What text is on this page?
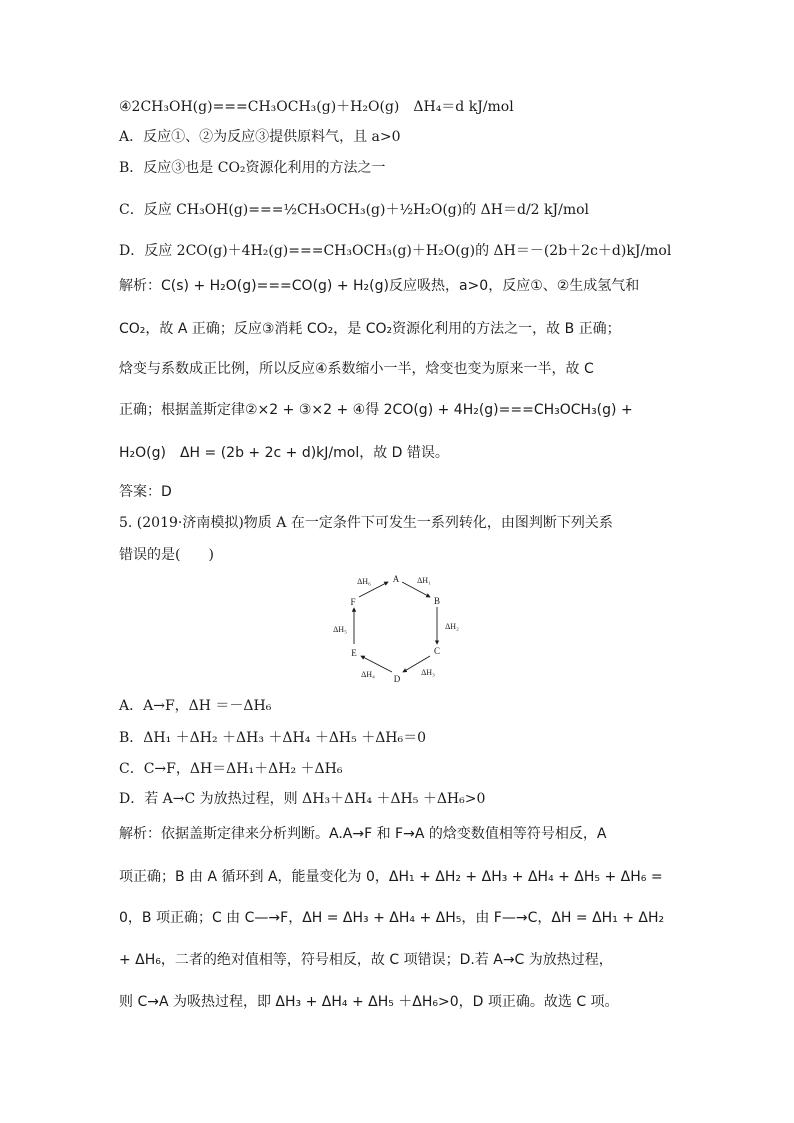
④2CH₃OH(g)===CH₃OCH₃(g)＋H₂O(g)　ΔH₄＝d kJ/mol
A．反应①、②为反应③提供原料气，且 a>0
B．反应③也是 CO₂资源化利用的方法之一
C．反应 CH₃OH(g)===½CH₃OCH₃(g)＋½H₂O(g)的 ΔH＝d/2 kJ/mol
D．反应 2CO(g)＋4H₂(g)===CH₃OCH₃(g)＋H₂O(g)的 ΔH＝－(2b＋2c＋d)kJ/mol
解析：C(s) + H₂O(g)===CO(g) + H₂(g)反应吸热，a>0，反应①、②生成氢气和
CO₂，故 A 正确；反应③消耗 CO₂，是 CO₂资源化利用的方法之一，故 B 正确；
焓变与系数成正比例，所以反应④系数缩小一半，焓变也变为原来一半，故 C
正确；根据盖斯定律②×2 + ③×2 + ④得 2CO(g) + 4H₂(g)===CH₃OCH₃(g) +
H₂O(g)　ΔH = (2b + 2c + d)kJ/mol，故 D 错误。
答案：D
5. (2019·济南模拟)物质 A 在一定条件下可发生一系列转化，由图判断下列关系
错误的是(　　)
A
B
C
D
E
F
ΔH₁
ΔH₂
ΔH₃
ΔH₄
ΔH₅
ΔH₆
A．A→F，ΔH ＝－ΔH₆
B．ΔH₁ ＋ΔH₂ ＋ΔH₃ ＋ΔH₄ ＋ΔH₅ ＋ΔH₆＝0
C．C→F，ΔH＝ΔH₁＋ΔH₂ ＋ΔH₆
D．若 A→C 为放热过程，则 ΔH₃＋ΔH₄ ＋ΔH₅ ＋ΔH₆>0
解析：依据盖斯定律来分析判断。A.A→F 和 F→A 的焓变数值相等符号相反，A
项正确；B 由 A 循环到 A，能量变化为 0，ΔH₁ + ΔH₂ + ΔH₃ + ΔH₄ + ΔH₅ + ΔH₆ =
0，B 项正确；C 由 C—→F，ΔH = ΔH₃ + ΔH₄ + ΔH₅，由 F—→C，ΔH = ΔH₁ + ΔH₂
+ ΔH₆，二者的绝对值相等，符号相反，故 C 项错误；D.若 A→C 为放热过程，
则 C→A 为吸热过程，即 ΔH₃ + ΔH₄ + ΔH₅ ＋ΔH₆>0，D 项正确。故选 C 项。
